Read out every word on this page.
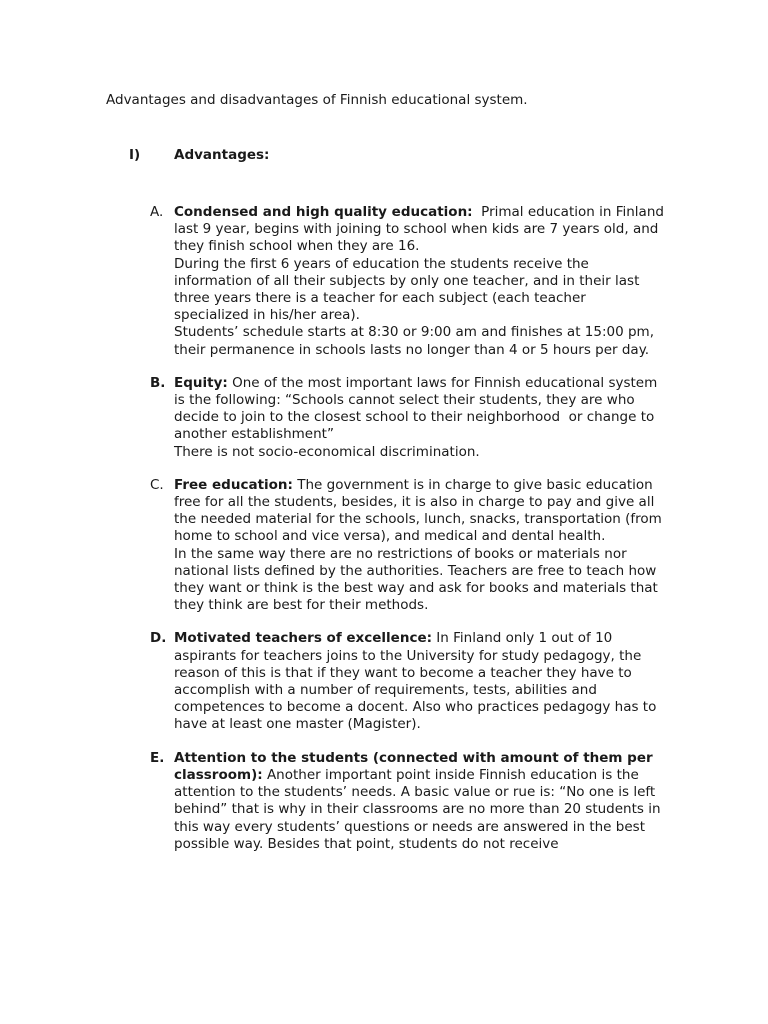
Advantages and disadvantages of Finnish educational system.
I)	Advantages:
A. Condensed and high quality education:  Primal education in Finland last 9 year, begins with joining to school when kids are 7 years old, and they finish school when they are 16.

During the first 6 years of education the students receive the information of all their subjects by only one teacher, and in their last three years there is a teacher for each subject (each teacher specialized in his/her area).

Students’ schedule starts at 8:30 or 9:00 am and finishes at 15:00 pm, their permanence in schools lasts no longer than 4 or 5 hours per day.

B. Equity: One of the most important laws for Finnish educational system is the following: “Schools cannot select their students, they are who decide to join to the closest school to their neighborhood  or change to another establishment”

There is not socio-economical discrimination.

C. Free education: The government is in charge to give basic education free for all the students, besides, it is also in charge to pay and give all the needed material for the schools, lunch, snacks, transportation (from home to school and vice versa), and medical and dental health.

In the same way there are no restrictions of books or materials nor national lists defined by the authorities. Teachers are free to teach how they want or think is the best way and ask for books and materials that they think are best for their methods.

D. Motivated teachers of excellence: In Finland only 1 out of 10 aspirants for teachers joins to the University for study pedagogy, the reason of this is that if they want to become a teacher they have to accomplish with a number of requirements, tests, abilities and competences to become a docent. Also who practices pedagogy has to have at least one master (Magister).

E. Attention to the students (connected with amount of them per classroom): Another important point inside Finnish education is the attention to the students’ needs. A basic value or rue is: “No one is left behind” that is why in their classrooms are no more than 20 students in this way every students’ questions or needs are answered in the best possible way. Besides that point, students do not receive
